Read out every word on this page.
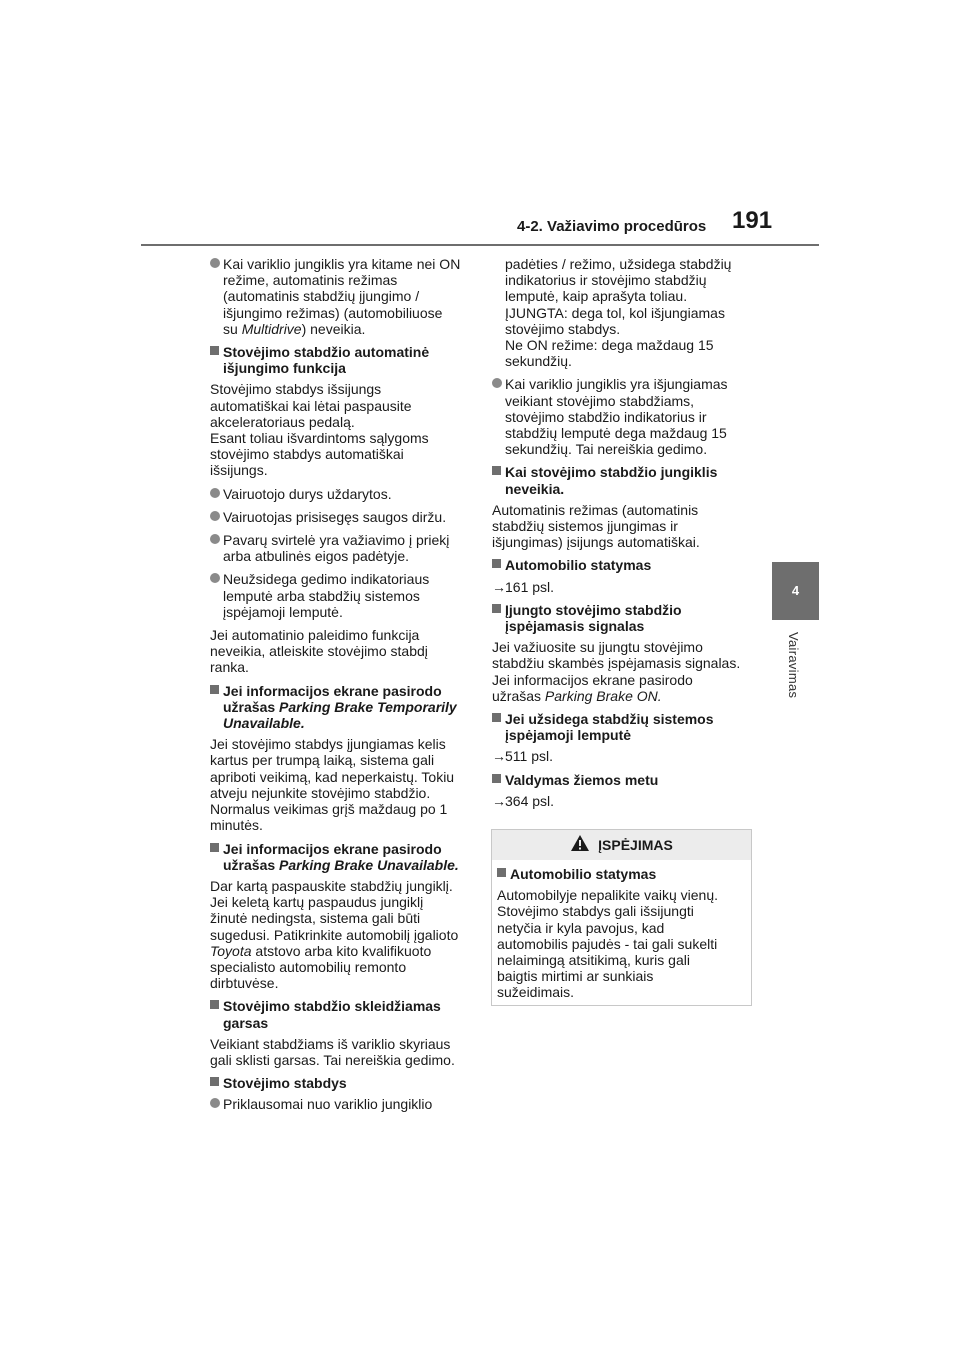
4-2. Važiavimo procedūros 191
4
Vairavimas
Kai variklio jungiklis yra kitame nei ON
režime, automatinis režimas
(automatinis stabdžių įjungimo /
išjungimo režimas) (automobiliuose
su Multidrive) neveikia.
Stovėjimo stabdžio automatinė
išjungimo funkcija
Stovėjimo stabdys išsijungs
automatiškai kai lėtai paspausite
akceleratoriaus pedalą.
Esant toliau išvardintoms sąlygoms
stovėjimo stabdys automatiškai
išsijungs.
Vairuotojo durys uždarytos.
Vairuotojas prisisegęs saugos diržu.
Pavarų svirtelė yra važiavimo į priekį
arba atbulinės eigos padėtyje.
Neužsidega gedimo indikatoriaus
lemputė arba stabdžių sistemos
įspėjamoji lemputė.
Jei automatinio paleidimo funkcija
neveikia, atleiskite stovėjimo stabdį
ranka.
Jei informacijos ekrane pasirodo
užrašas Parking Brake Temporarily
Unavailable.
Jei stovėjimo stabdys įjungiamas kelis
kartus per trumpą laiką, sistema gali
apriboti veikimą, kad neperkaistų. Tokiu
atveju nejunkite stovėjimo stabdžio.
Normalus veikimas grįš maždaug po 1
minutės.
Jei informacijos ekrane pasirodo
užrašas Parking Brake Unavailable.
Dar kartą paspauskite stabdžių jungiklį.
Jei keletą kartų paspaudus jungiklį
žinutė nedingsta, sistema gali būti
sugedusi. Patikrinkite automobilį įgalioto
Toyota atstovo arba kito kvalifikuoto
specialisto automobilių remonto
dirbtuvėse.
Stovėjimo stabdžio skleidžiamas
garsas
Veikiant stabdžiams iš variklio skyriaus
gali sklisti garsas. Tai nereiškia gedimo.
Stovėjimo stabdys
Priklausomai nuo variklio jungiklio
padėties / režimo, užsidega stabdžių
indikatorius ir stovėjimo stabdžių
lemputė, kaip aprašyta toliau.
ĮJUNGTA: dega tol, kol išjungiamas
stovėjimo stabdys.
Ne ON režime: dega maždaug 15
sekundžių.
Kai variklio jungiklis yra išjungiamas
veikiant stovėjimo stabdžiams,
stovėjimo stabdžio indikatorius ir
stabdžių lemputė dega maždaug 15
sekundžių. Tai nereiškia gedimo.
Kai stovėjimo stabdžio jungiklis
neveikia.
Automatinis režimas (automatinis
stabdžių sistemos įjungimas ir
išjungimas) įsijungs automatiškai.
Automobilio statymas
→ 161 psl.
Įjungto stovėjimo stabdžio
įspėjamasis signalas
Jei važiuosite su įjungtu stovėjimo
stabdžiu skambės įspėjamasis signalas.
Jei informacijos ekrane pasirodo
užrašas Parking Brake ON.
Jei užsidega stabdžių sistemos
įspėjamoji lemputė
→ 511 psl.
Valdymas žiemos metu
→ 364 psl.
ĮSPĖJIMAS
Automobilio statymas
Automobilyje nepalikite vaikų vienų.
Stovėjimo stabdys gali išsijungti
netyčia ir kyla pavojus, kad
automobilis pajudės - tai gali sukelti
nelaimingą atsitikimą, kuris gali
baigtis mirtimi ar sunkiais
sužeidimais.
